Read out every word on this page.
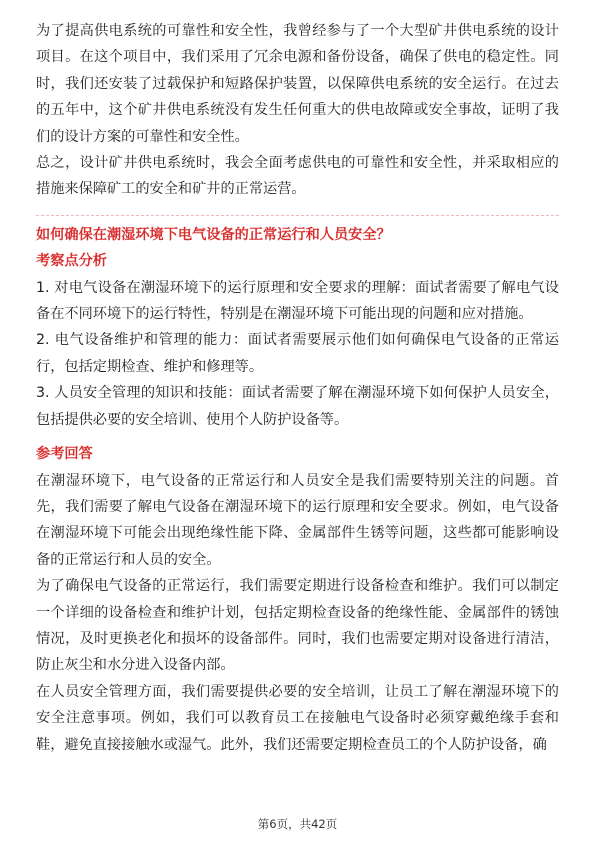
为了提高供电系统的可靠性和安全性，我曾经参与了一个大型矿井供电系统的设计项目。在这个项目中，我们采用了冗余电源和备份设备，确保了供电的稳定性。同时，我们还安装了过载保护和短路保护装置，以保障供电系统的安全运行。在过去的五年中，这个矿井供电系统没有发生任何重大的供电故障或安全事故，证明了我们的设计方案的可靠性和安全性。

总之，设计矿井供电系统时，我会全面考虑供电的可靠性和安全性，并采取相应的措施来保障矿工的安全和矿井的正常运营。

如何确保在潮湿环境下电气设备的正常运行和人员安全？

考察点分析

1. 对电气设备在潮湿环境下的运行原理和安全要求的理解：面试者需要了解电气设备在不同环境下的运行特性，特别是在潮湿环境下可能出现的问题和应对措施。

2. 电气设备维护和管理的能力：面试者需要展示他们如何确保电气设备的正常运行，包括定期检查、维护和修理等。

3. 人员安全管理的知识和技能：面试者需要了解在潮湿环境下如何保护人员安全，包括提供必要的安全培训、使用个人防护设备等。

参考回答

在潮湿环境下，电气设备的正常运行和人员安全是我们需要特别关注的问题。首先，我们需要了解电气设备在潮湿环境下的运行原理和安全要求。例如，电气设备在潮湿环境下可能会出现绝缘性能下降、金属部件生锈等问题，这些都可能影响设备的正常运行和人员的安全。

为了确保电气设备的正常运行，我们需要定期进行设备检查和维护。我们可以制定一个详细的设备检查和维护计划，包括定期检查设备的绝缘性能、金属部件的锈蚀情况，及时更换老化和损坏的设备部件。同时，我们也需要定期对设备进行清洁，防止灰尘和水分进入设备内部。

在人员安全管理方面，我们需要提供必要的安全培训，让员工了解在潮湿环境下的安全注意事项。例如，我们可以教育员工在接触电气设备时必须穿戴绝缘手套和鞋，避免直接接触水或湿气。此外，我们还需要定期检查员工的个人防护设备，确

第6页，共42页
